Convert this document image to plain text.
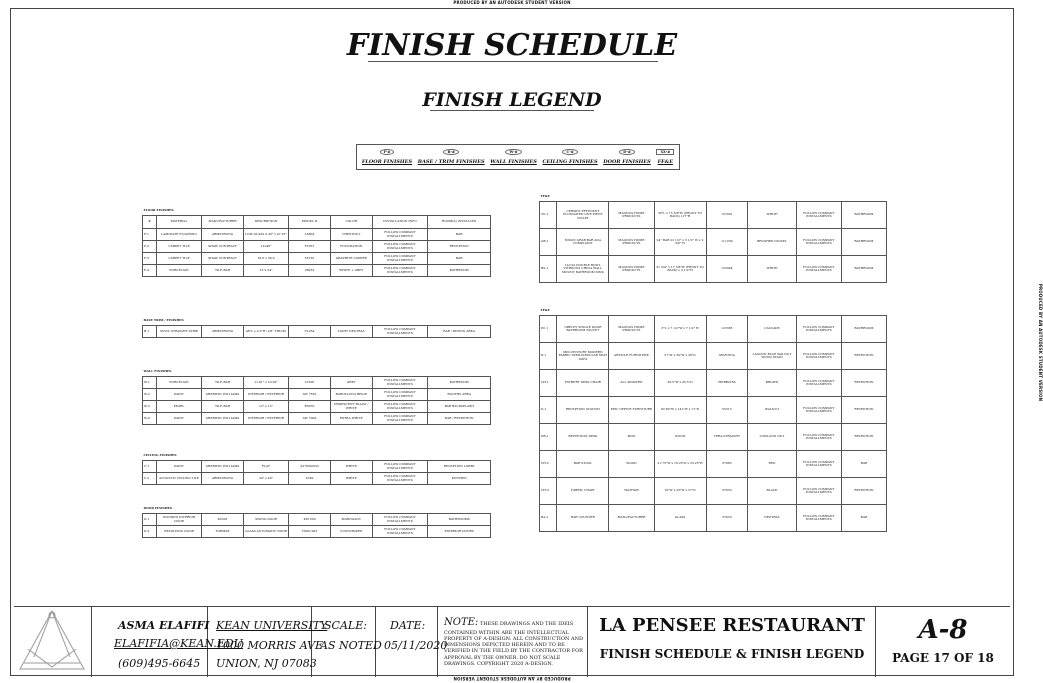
PRODUCED BY AN AUTODESK STUDENT VERSION
PRODUCED BY AN AUTODESK STUDENT VERSION
PRODUCED BY AN AUTODESK STUDENT VERSION
FINISH SCHEDULE
FINISH LEGEND
F-#
FLOOR FINISHES
B-#
BASE / TRIM FINISHES
W-#
WALL FINISHES
C-#
CEILING FINISHES
D-#
DOOR FINISHES
XX-#
FF&E
FLOOR FINISHES							
#	MATERIAL	MANUFACTURER	DESCRIPTION	MODEL #	COLOR	INSTALLATION INFO	ROOM(S) INSTALLED
F-1	LAMINATE FLOORING	ARMSTRONG	LOW GLASS 0.43" x 47.25"	L6604	CHESTNUT	FOLLOW COMPANY INSTALLMENTS	BAR
F-2	CARPET TILE	SHAW CONTRACT	12x48"	5T267	FOUNDATION	FOLLOW COMPANY INSTALLMENTS	RECEPTION
F-3	CARPET TILE	SHAW CONTRACT	18.0 x 36.0	5T216	GRAPHITE COPPER	FOLLOW COMPANY INSTALLMENTS	BAR
F-4	PORCELAIN	TILE BAR	12"x 24"	28033	WHITE + GREY	FOLLOW COMPANY INSTALLMENTS	BATHROOM
BASE TRIM / FINISHES
B-1	VINYL STRAIGHT STRIP	ARMSTRONG	48"L x 2.5"H (1/8" THICK)	VL254	LIGHT NEUTRAL	FOLLOW COMPANY INSTALLMENTS	BAR / DINING AREA
WALL FINISHES							
W-1	PORCELAIN	TILE BAR	11.81" x 23.62"	2310P	GREY	FOLLOW COMPANY INSTALLMENTS	BATHROOM
W-2	PAINT	SHERWIN WILLIAMS	INTERIOR / EXTERIOR	SW 7530	BARCELONA BEIGE	FOLLOW COMPANY INSTALLMENTS	BOOTHS AREA
W-3	PEARL	TILE BAR	12" x 12"	R3070	IRIDESCENT BLACK / WHITE	FOLLOW COMPANY INSTALLMENTS	BAR BACKSPLASH
W-4	PAINT	SHERWIN WILLIAMS	INTERIOR / EXTERIOR	SW 7006	EXTRA WHITE	FOLLOW COMPANY INSTALLMENTS	BAR / RECEPTION
CEILING FINISHES							
C-1	PAINT	SHERWIN WILLIAMS	FLAT	A27W00053	WHITE	FOLLOW COMPANY INSTALLMENTS	RECEPTION LOBBY
C-2	ACOUSTIC CEILING TILE	ARMSTRONG	24" x 48"	9749	WHITE	FOLLOW COMPANY INSTALLMENTS	KITCHEN
DOOR FINISHES							
D-1	WOODEN INTERIOR DOOR	KNOX	SWING DOOR	KM 209	MAHOGANY	FOLLOW COMPANY INSTALLMENTS	BATHROOMS
D-2	REVOLVING DOOR	TORMAX	GLASS AUTOMATIC DOOR	TX9O-903	CUSTOMIZED	FOLLOW COMPANY INSTALLMENTS	EXTERIOR DOORS
FF&E							
TO-1	CERSEIT EFFICIENT ELONGATED ONE PIECE TOILET	MAGNUS HOME PRODUCTS	30"L x 15 5/8"W (FRONT TO BACK) x17"H	137001	WHITE	FOLLOW COMPANY INSTALLMENTS	BATHROOM
GB-1	NIXON GRAB BAR ADA COMPLIANT	MAGNUS HOME PRODUCTS	24" BAR 22 1/2" x 3 1/2" W x 2 3/8" H	111239	BRUSHED NICKEL	FOLLOW COMPANY INSTALLMENTS	BATHROOM
BS-1	LUCIA DOUBLE BOWL VITREOUS CHINA WALL MOUNT BATHROOM SINK	MAGNUS HOME PRODUCTS	31 3/4" x 17 3/8"W (FRONT TO BACK) x 5 1/2"H	132044	WHITE	FOLLOW COMPANY INSTALLMENTS	BATHROOM
FF&E							
PC-1	OBELEY SINGLE DOOR BATHROOM FAUCET	MAGNUS HOME PRODUCTS	3"L x 7 1/2"W x 7 1/2" H	123385	CASCADE	FOLLOW COMPANY INSTALLMENTS	BATHROOM
B-1	MID-CENTURY MODERN FABRIC SEMI-CIRCULAR SEAT SOFA	ARTICLE FURNITURE	57"W x 30"W x 30"D	SEVENNA	LAGOON BLUE WALNUT WOOD STAIN	FOLLOW COMPANY INSTALLMENTS	RECEPTION
CH-1	FATHERY DESK CHAIR	ALL MODERN	36.5"W x 35.5"D	WEBB2256	BROWN	FOLLOW COMPANY INSTALLMENTS	RECEPTION
D-1	RECEPTION STATION	EPIC OFFICE FURNITURE	82.80"W x 141"W x 71"D	55313	WALNUT	FOLLOW COMPANY INSTALLMENTS	RECEPTION
DB-1	RECEPTION DESK	MOD	WOOD	TERA-STRAIGHT	LOWLAND NUT	FOLLOW COMPANY INSTALLMENTS	RECEPTION
CH-2	BAR STOOL	WOOD	21.75"W x 18.25"D x 33.25"H	37083	RED	FOLLOW COMPANY INSTALLMENTS	BAR
CH-3	FABRIC CHAIR	WAYFAIR	19"W x 23"W x 27"D	37633	BLACK	FOLLOW COMPANY INSTALLMENTS	RECEPTION
BA-1	BAR COUNTER	MANUFACTURER	GLASS	37633	NEUTRAL	FOLLOW COMPANY INSTALLMENTS	BAR
ASMA ELAFIFI
ELAFIFIA@KEAN.EDU
(609)495-6645
KEAN UNIVERSITY
1000 MORRIS AVE
UNION, NJ 07083
SCALE:
AS NOTED
DATE:
05/11/2020
NOTE: THESE DRAWINGS AND THE IDEIS CONTAINED WITHIN ARE THE INTELLECTUAL PROPERTY OF A-DESIGN. ALL CONSTRUCTION AND DIMENSIONS DEPICTED HEREIN AND TO BE VERIFIED IN THE FIELD BY THE CONTRACTOR FOR APPROVAL BY THE OWNER. DO NOT SCALE DRAWINGS. COPYRIGHT 2020 A-DESIGN.
LA PENSEE RESTAURANT
FINISH SCHEDULE & FINISH LEGEND
A-8
PAGE 17 OF 18
